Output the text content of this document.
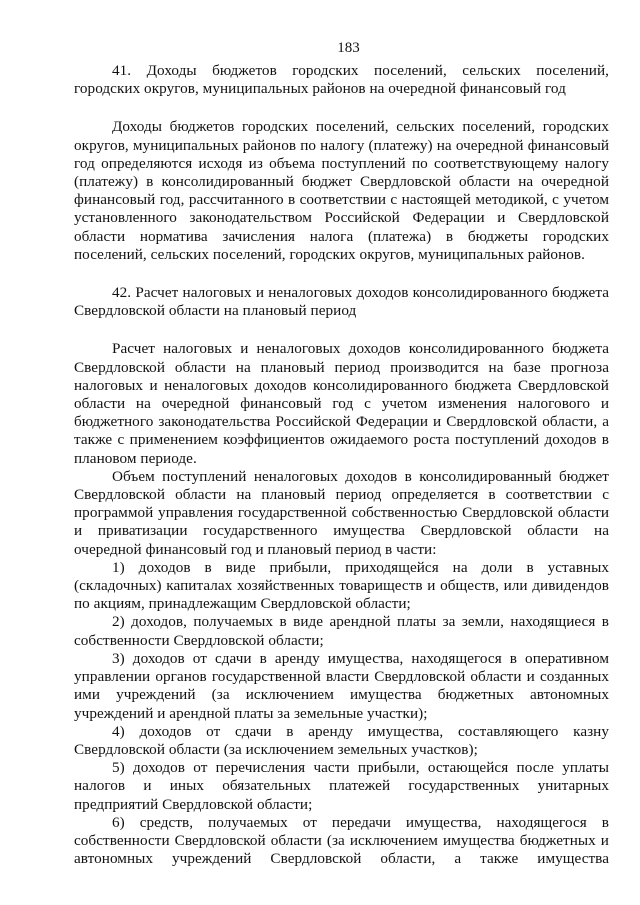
183

41. Доходы бюджетов городских поселений, сельских поселений, городских округов, муниципальных районов на очередной финансовый год

Доходы бюджетов городских поселений, сельских поселений, городских округов, муниципальных районов по налогу (платежу) на очередной финансовый год определяются исходя из объема поступлений по соответствующему налогу (платежу) в консолидированный бюджет Свердловской области на очередной финансовый год, рассчитанного в соответствии с настоящей методикой, с учетом установленного законодательством Российской Федерации и Свердловской области норматива зачисления налога (платежа) в бюджеты городских поселений, сельских поселений, городских округов, муниципальных районов.

42. Расчет налоговых и неналоговых доходов консолидированного бюджета Свердловской области на плановый период

Расчет налоговых и неналоговых доходов консолидированного бюджета Свердловской области на плановый период производится на базе прогноза налоговых и неналоговых доходов консолидированного бюджета Свердловской области на очередной финансовый год с учетом изменения налогового и бюджетного законодательства Российской Федерации и Свердловской области, а также с применением коэффициентов ожидаемого роста поступлений доходов в плановом периоде.

Объем поступлений неналоговых доходов в консолидированный бюджет Свердловской области на плановый период определяется в соответствии с программой управления государственной собственностью Свердловской области и приватизации государственного имущества Свердловской области на очередной финансовый год и плановый период в части:

1) доходов в виде прибыли, приходящейся на доли в уставных (складочных) капиталах хозяйственных товариществ и обществ, или дивидендов по акциям, принадлежащим Свердловской области;

2) доходов, получаемых в виде арендной платы за земли, находящиеся в собственности Свердловской области;

3) доходов от сдачи в аренду имущества, находящегося в оперативном управлении органов государственной власти Свердловской области и созданных ими учреждений (за исключением имущества бюджетных автономных учреждений и арендной платы за земельные участки);

4) доходов от сдачи в аренду имущества, составляющего казну Свердловской области (за исключением земельных участков);

5) доходов от перечисления части прибыли, остающейся после уплаты налогов и иных обязательных платежей государственных унитарных предприятий Свердловской области;

6) средств, получаемых от передачи имущества, находящегося в собственности Свердловской области (за исключением имущества бюджетных и автономных учреждений Свердловской области, а также имущества
